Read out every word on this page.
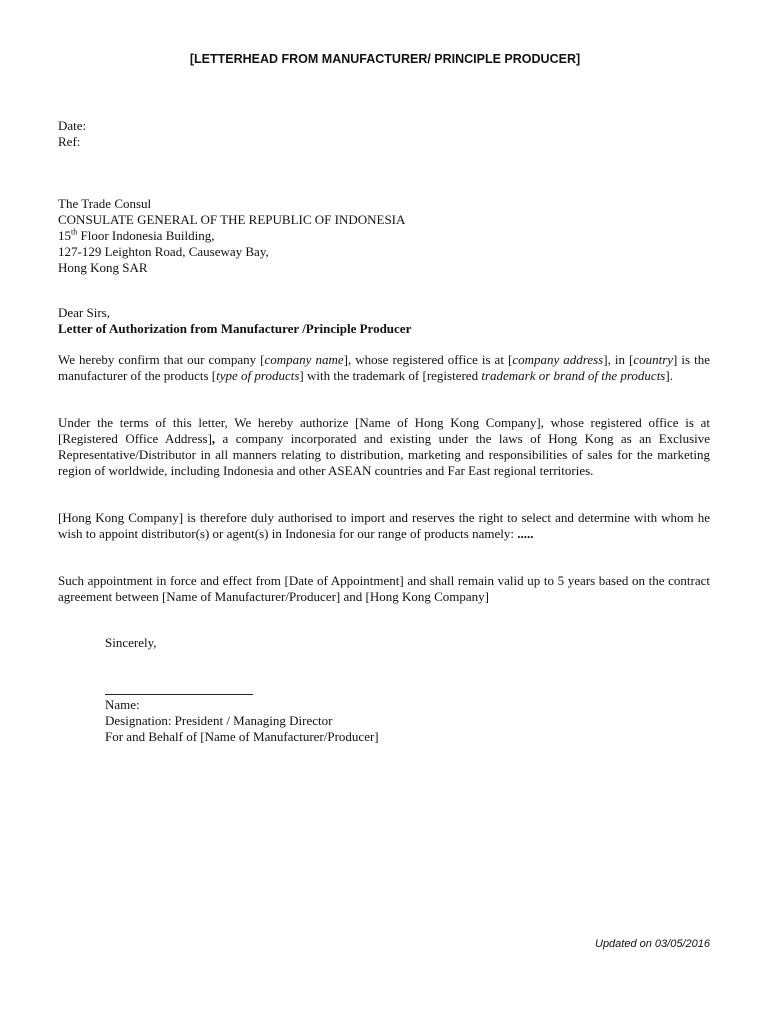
[LETTERHEAD FROM MANUFACTURER/ PRINCIPLE PRODUCER]
Date:
Ref:
The Trade Consul
CONSULATE GENERAL OF THE REPUBLIC OF INDONESIA
15th Floor Indonesia Building,
127-129 Leighton Road, Causeway Bay,
Hong Kong SAR
Dear Sirs,
Letter of Authorization from Manufacturer /Principle Producer
We hereby confirm that our company [company name], whose registered office is at [company address], in [country] is the manufacturer of the products [type of products] with the trademark of [registered trademark or brand of the products].
Under the terms of this letter, We hereby authorize [Name of Hong Kong Company], whose registered office is at [Registered Office Address], a company incorporated and existing under the laws of Hong Kong as an Exclusive Representative/Distributor in all manners relating to distribution, marketing and responsibilities of sales for the marketing region of worldwide, including Indonesia and other ASEAN countries and Far East regional territories.
[Hong Kong Company] is therefore duly authorised to import and reserves the right to select and determine with whom he wish to appoint distributor(s) or agent(s) in Indonesia for our range of products namely: .....
Such appointment in force and effect from [Date of Appointment] and shall remain valid up to 5 years based on the contract agreement between [Name of Manufacturer/Producer] and [Hong Kong Company]
Sincerely,
Name:
Designation: President / Managing Director
For and Behalf of [Name of Manufacturer/Producer]
Updated on 03/05/2016
